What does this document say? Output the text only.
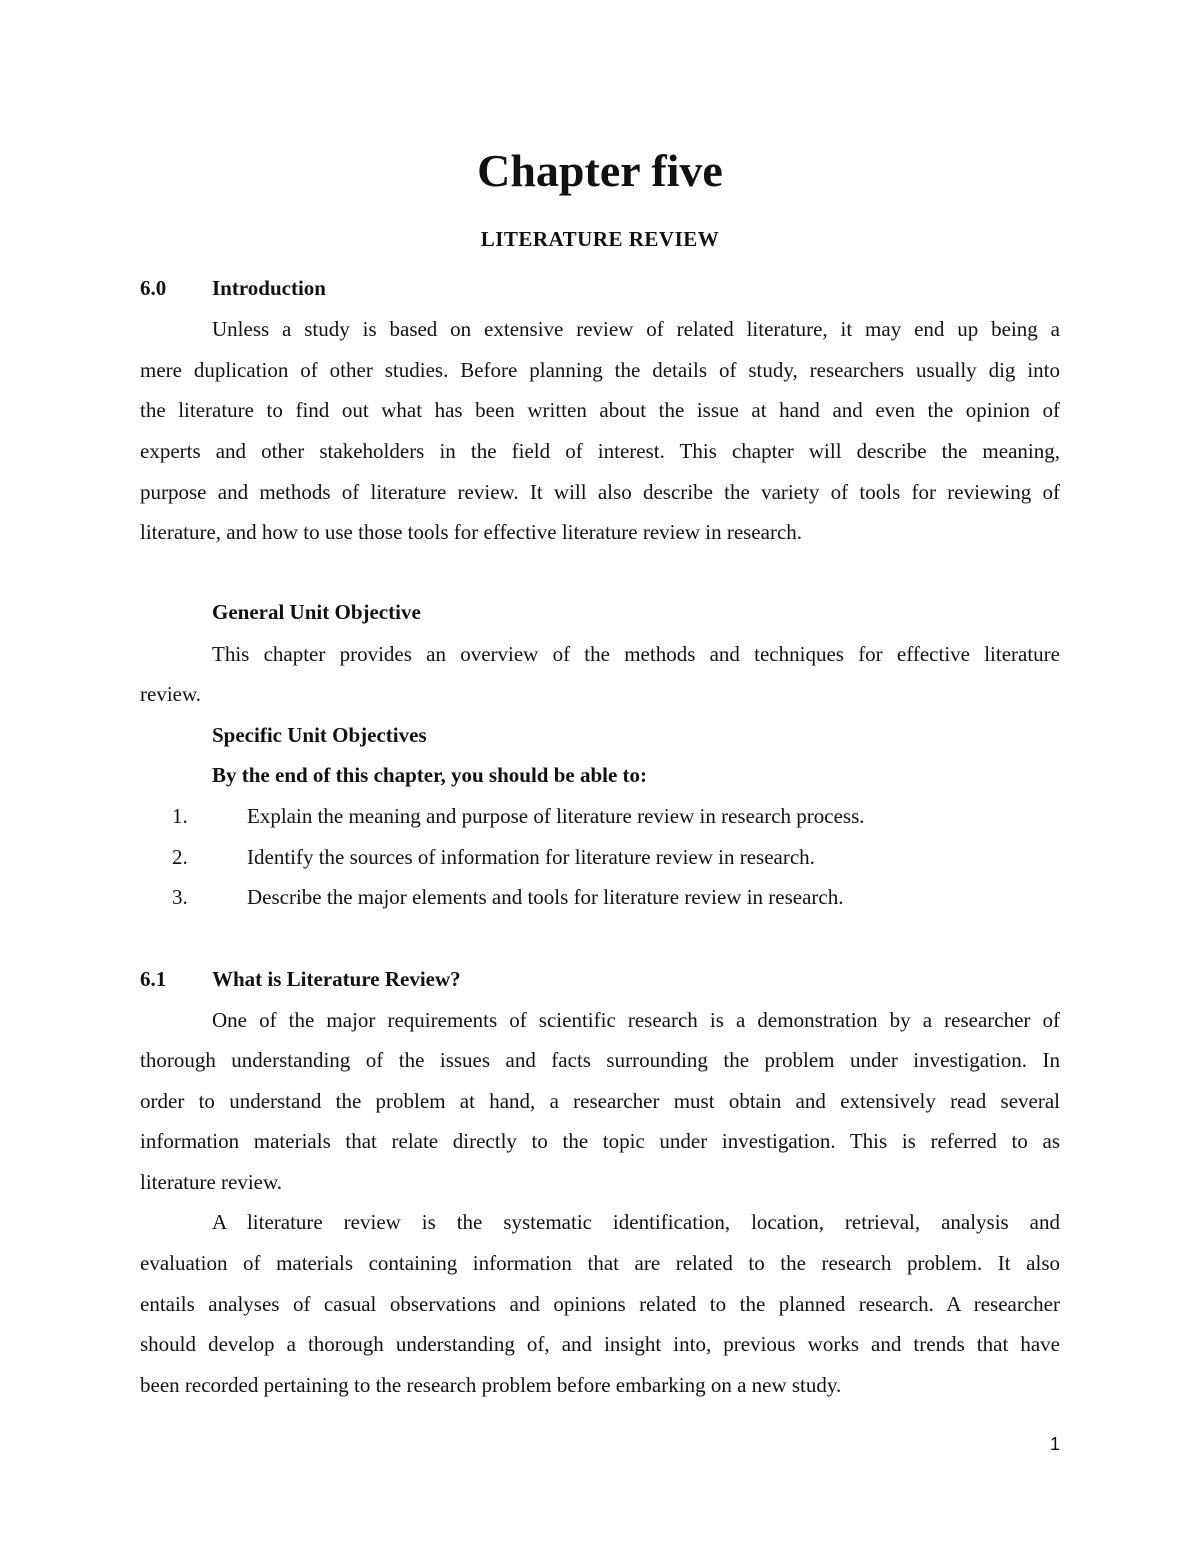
Chapter five
LITERATURE REVIEW
6.0 Introduction
Unless a study is based on extensive review of related literature, it may end up being a
mere duplication of other studies. Before planning the details of study, researchers usually dig into
the literature to find out what has been written about the issue at hand and even the opinion of
experts and other stakeholders in the field of interest. This chapter will describe the meaning,
purpose and methods of literature review. It will also describe the variety of tools for reviewing of
literature, and how to use those tools for effective literature review in research.
General Unit Objective
This chapter provides an overview of the methods and techniques for effective literature
review.
Specific Unit Objectives
By the end of this chapter, you should be able to:
1.	Explain the meaning and purpose of literature review in research process.
2.	Identify the sources of information for literature review in research.
3.	Describe the major elements and tools for literature review in research.
6.1 What is Literature Review?
One of the major requirements of scientific research is a demonstration by a researcher of
thorough understanding of the issues and facts surrounding the problem under investigation. In
order to understand the problem at hand, a researcher must obtain and extensively read several
information materials that relate directly to the topic under investigation. This is referred to as
literature review.
A literature review is the systematic identification, location, retrieval, analysis and
evaluation of materials containing information that are related to the research problem. It also
entails analyses of casual observations and opinions related to the planned research. A researcher
should develop a thorough understanding of, and insight into, previous works and trends that have
been recorded pertaining to the research problem before embarking on a new study.
1
